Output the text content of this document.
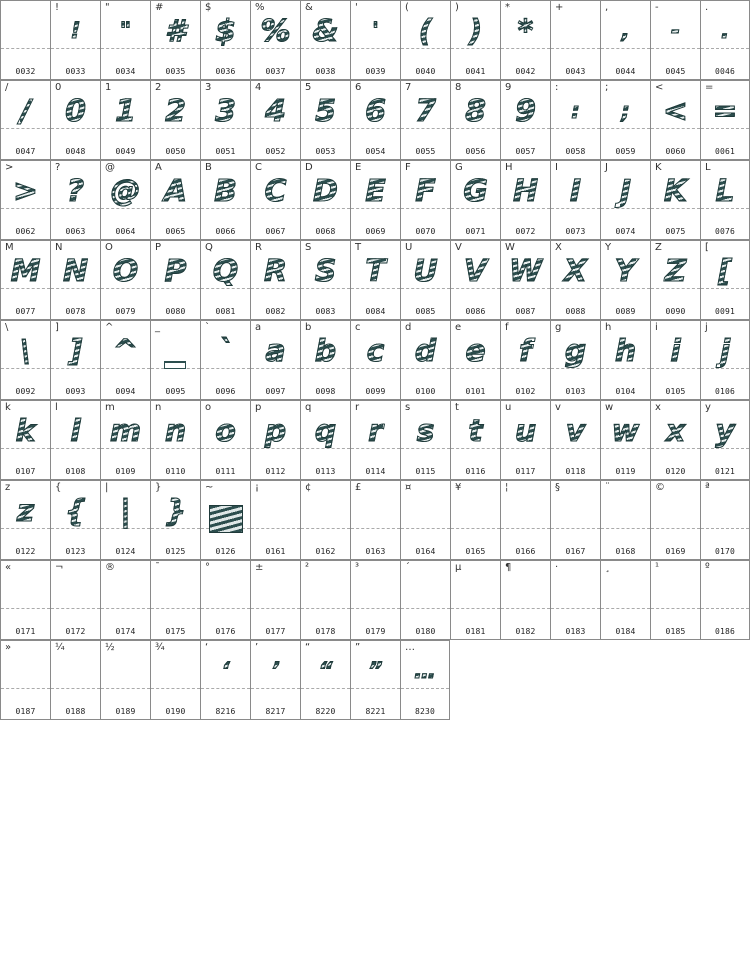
0032
!
!
0033
"
"
0034
#
#
0035
$
$
0036
%
%
0037
&
&
0038
'
'
0039
(
(
0040
)
)
0041
*
*
0042
+
0043
,
,
0044
-
-
0045
.
.
0046
/
/
0047
0
0
0048
1
1
0049
2
2
0050
3
3
0051
4
4
0052
5
5
0053
6
6
0054
7
7
0055
8
8
0056
9
9
0057
:
:
0058
;
;
0059
<
<
0060
=
=
0061
>
>
0062
?
?
0063
@
@
0064
A
A
0065
B
B
0066
C
C
0067
D
D
0068
E
E
0069
F
F
0070
G
G
0071
H
H
0072
I
I
0073
J
J
0074
K
K
0075
L
L
0076
M
M
0077
N
N
0078
O
O
0079
P
P
0080
Q
Q
0081
R
R
0082
S
S
0083
T
T
0084
U
U
0085
V
V
0086
W
W
0087
X
X
0088
Y
Y
0089
Z
Z
0090
[
[
0091
\
\
0092
]
]
0093
^
^
0094
_
0095
`
`
0096
a
a
0097
b
b
0098
c
c
0099
d
d
0100
e
e
0101
f
f
0102
g
g
0103
h
h
0104
i
i
0105
j
j
0106
k
k
0107
l
l
0108
m
m
0109
n
n
0110
o
o
0111
p
p
0112
q
q
0113
r
r
0114
s
s
0115
t
t
0116
u
u
0117
v
v
0118
w
w
0119
x
x
0120
y
y
0121
z
z
0122
{
{
0123
|
|
0124
}
}
0125
~
0126
¡
0161
¢
0162
£
0163
¤
0164
¥
0165
¦
0166
§
0167
¨
0168
©
0169
ª
0170
«
0171
¬
0172
®
0174
¯
0175
°
0176
±
0177
²
0178
³
0179
´
0180
µ
0181
¶
0182
·
0183
¸
0184
¹
0185
º
0186
»
0187
¼
0188
½
0189
¾
0190
‘
‘
8216
’
’
8217
“
“
8220
”
”
8221
…
…
8230
